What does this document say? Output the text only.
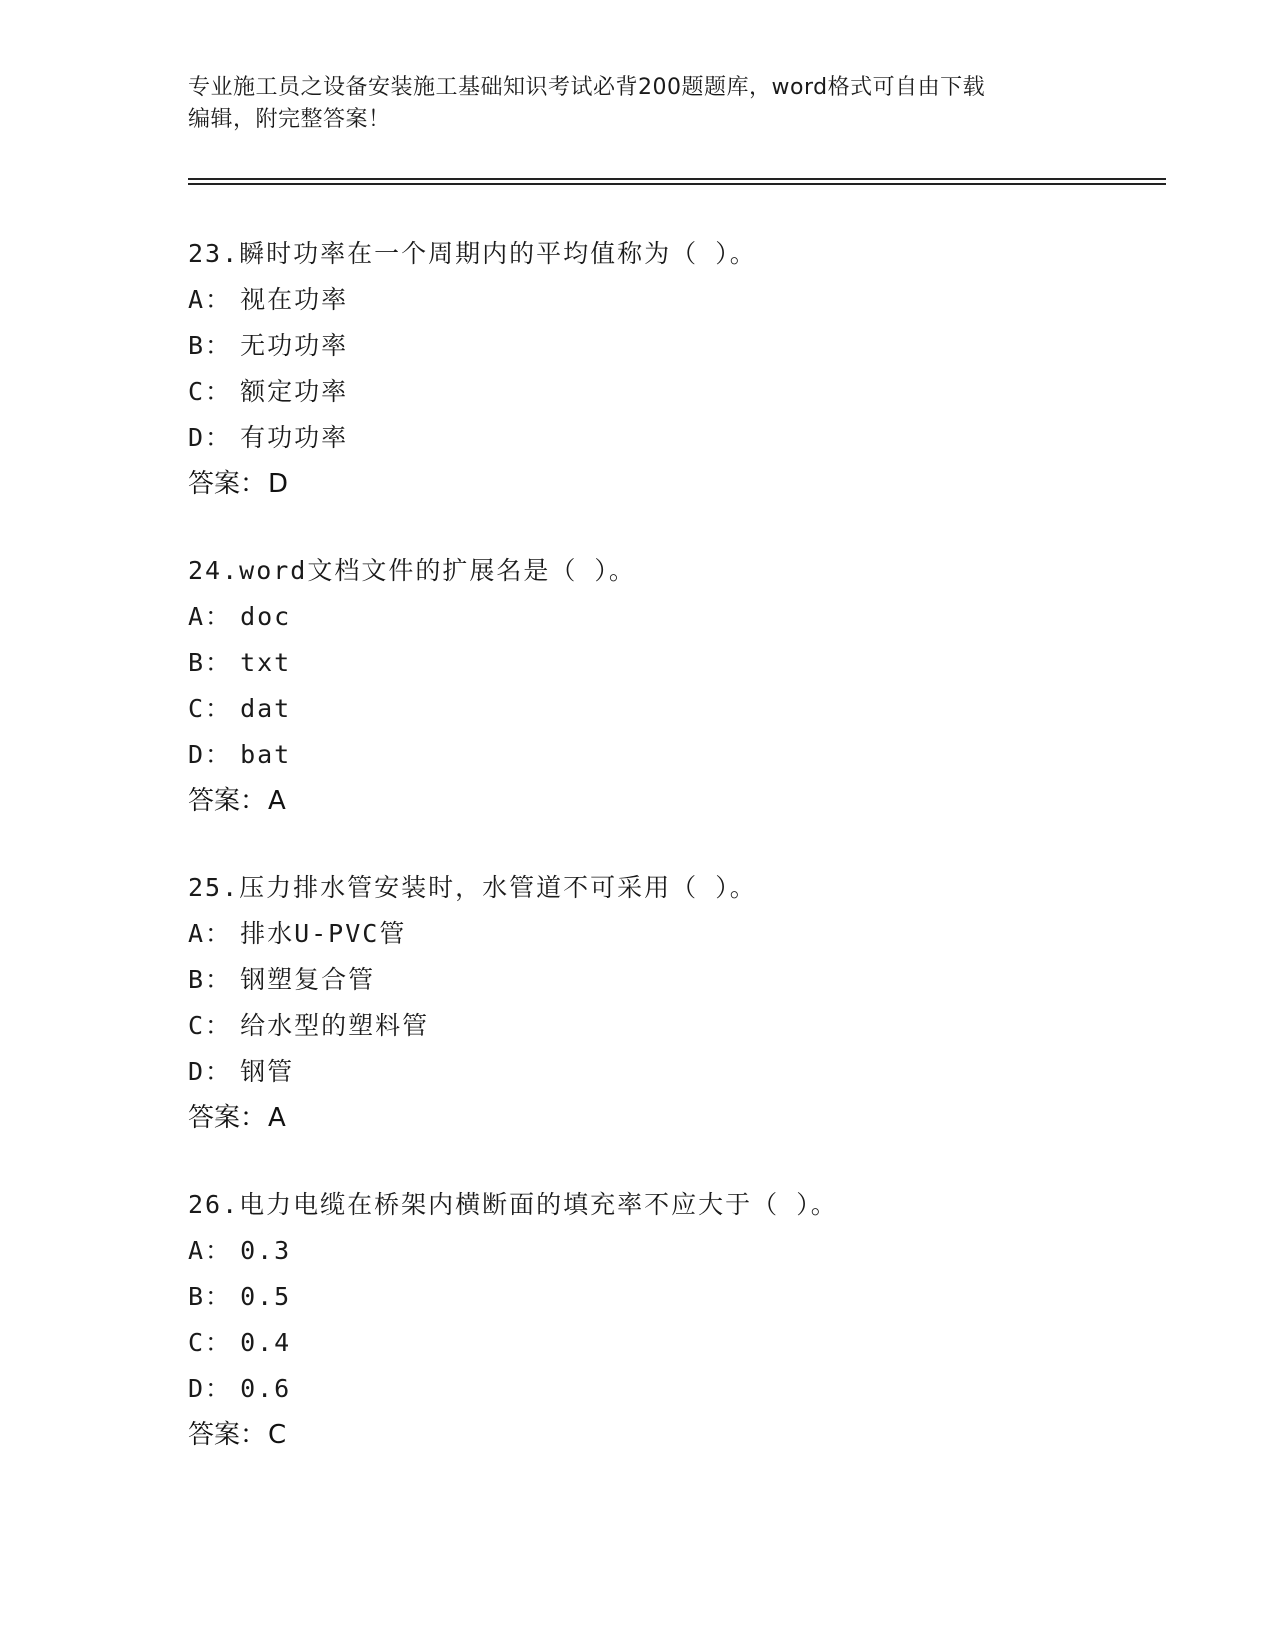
专业施工员之设备安装施工基础知识考试必背200题题库，word格式可自由下载
编辑，附完整答案！
23.瞬时功率在一个周期内的平均值称为（ ）。
A： 视在功率
B： 无功功率
C： 额定功率
D： 有功功率
答案：D
24.word文档文件的扩展名是（ ）。
A： doc
B： txt
C： dat
D： bat
答案：A
25.压力排水管安装时，水管道不可采用（ ）。
A： 排水U-PVC管
B： 钢塑复合管
C： 给水型的塑料管
D： 钢管
答案：A
26.电力电缆在桥架内横断面的填充率不应大于（ ）。
A： 0.3
B： 0.5
C： 0.4
D： 0.6
答案：C
